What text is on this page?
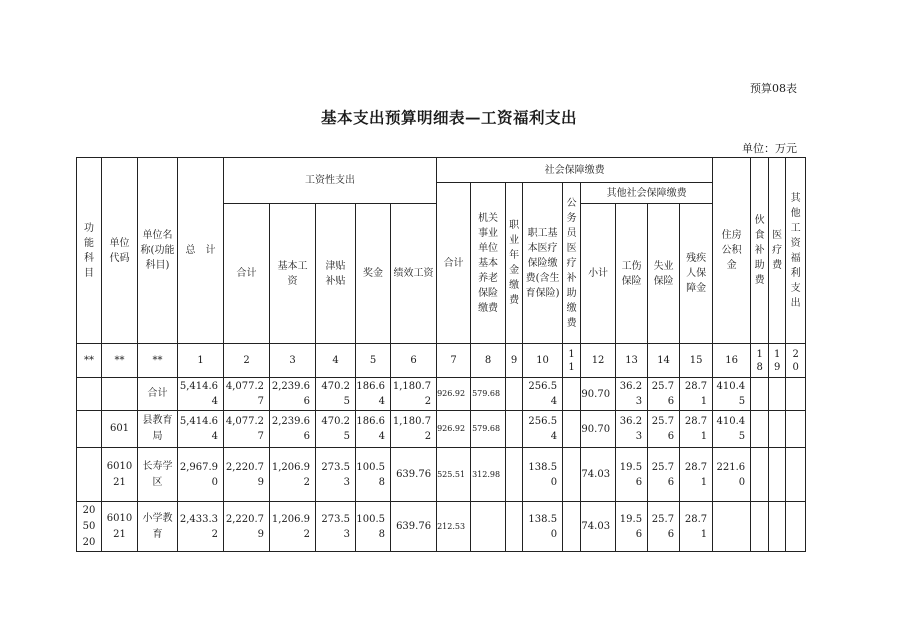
预算08表
基本支出预算明细表—工资福利支出
单位：万元
功能科目	单位代码	单位名称(功能科目)	总　计	工资性支出					社会保障缴费									住房公积金	伙食补助费	医疗费	其他工资福利支出
									合计	机关事业单位基本养老保险缴费	职业年金缴费	职工基本医疗保险缴费(含生育保险)	公务员医疗补助缴费	其他社会保障缴费							
				合计	基本工资	津贴补贴	奖金	绩效工资						小计	工伤保险	失业保险	残疾人保障金				
**	**	**	1	2	3	4	5	6	7	8	9	10	11	12	13	14	15	16	18	19	20
		合计	5,414.64	4,077.27	2,239.66	470.25	186.64	1,180.72	926.92	579.68		256.54		90.70	36.23	25.76	28.71	410.45			
	601	县教育局	5,414.64	4,077.27	2,239.66	470.25	186.64	1,180.72	926.92	579.68		256.54		90.70	36.23	25.76	28.71	410.45			
	601021	长寿学区	2,967.90	2,220.79	1,206.92	273.53	100.58	639.76	525.51	312.98		138.50		74.03	19.56	25.76	28.71	221.60			
205020	601021	小学教育	2,433.32	2,220.79	1,206.92	273.53	100.58	639.76	212.53			138.50		74.03	19.56	25.76	28.71				
